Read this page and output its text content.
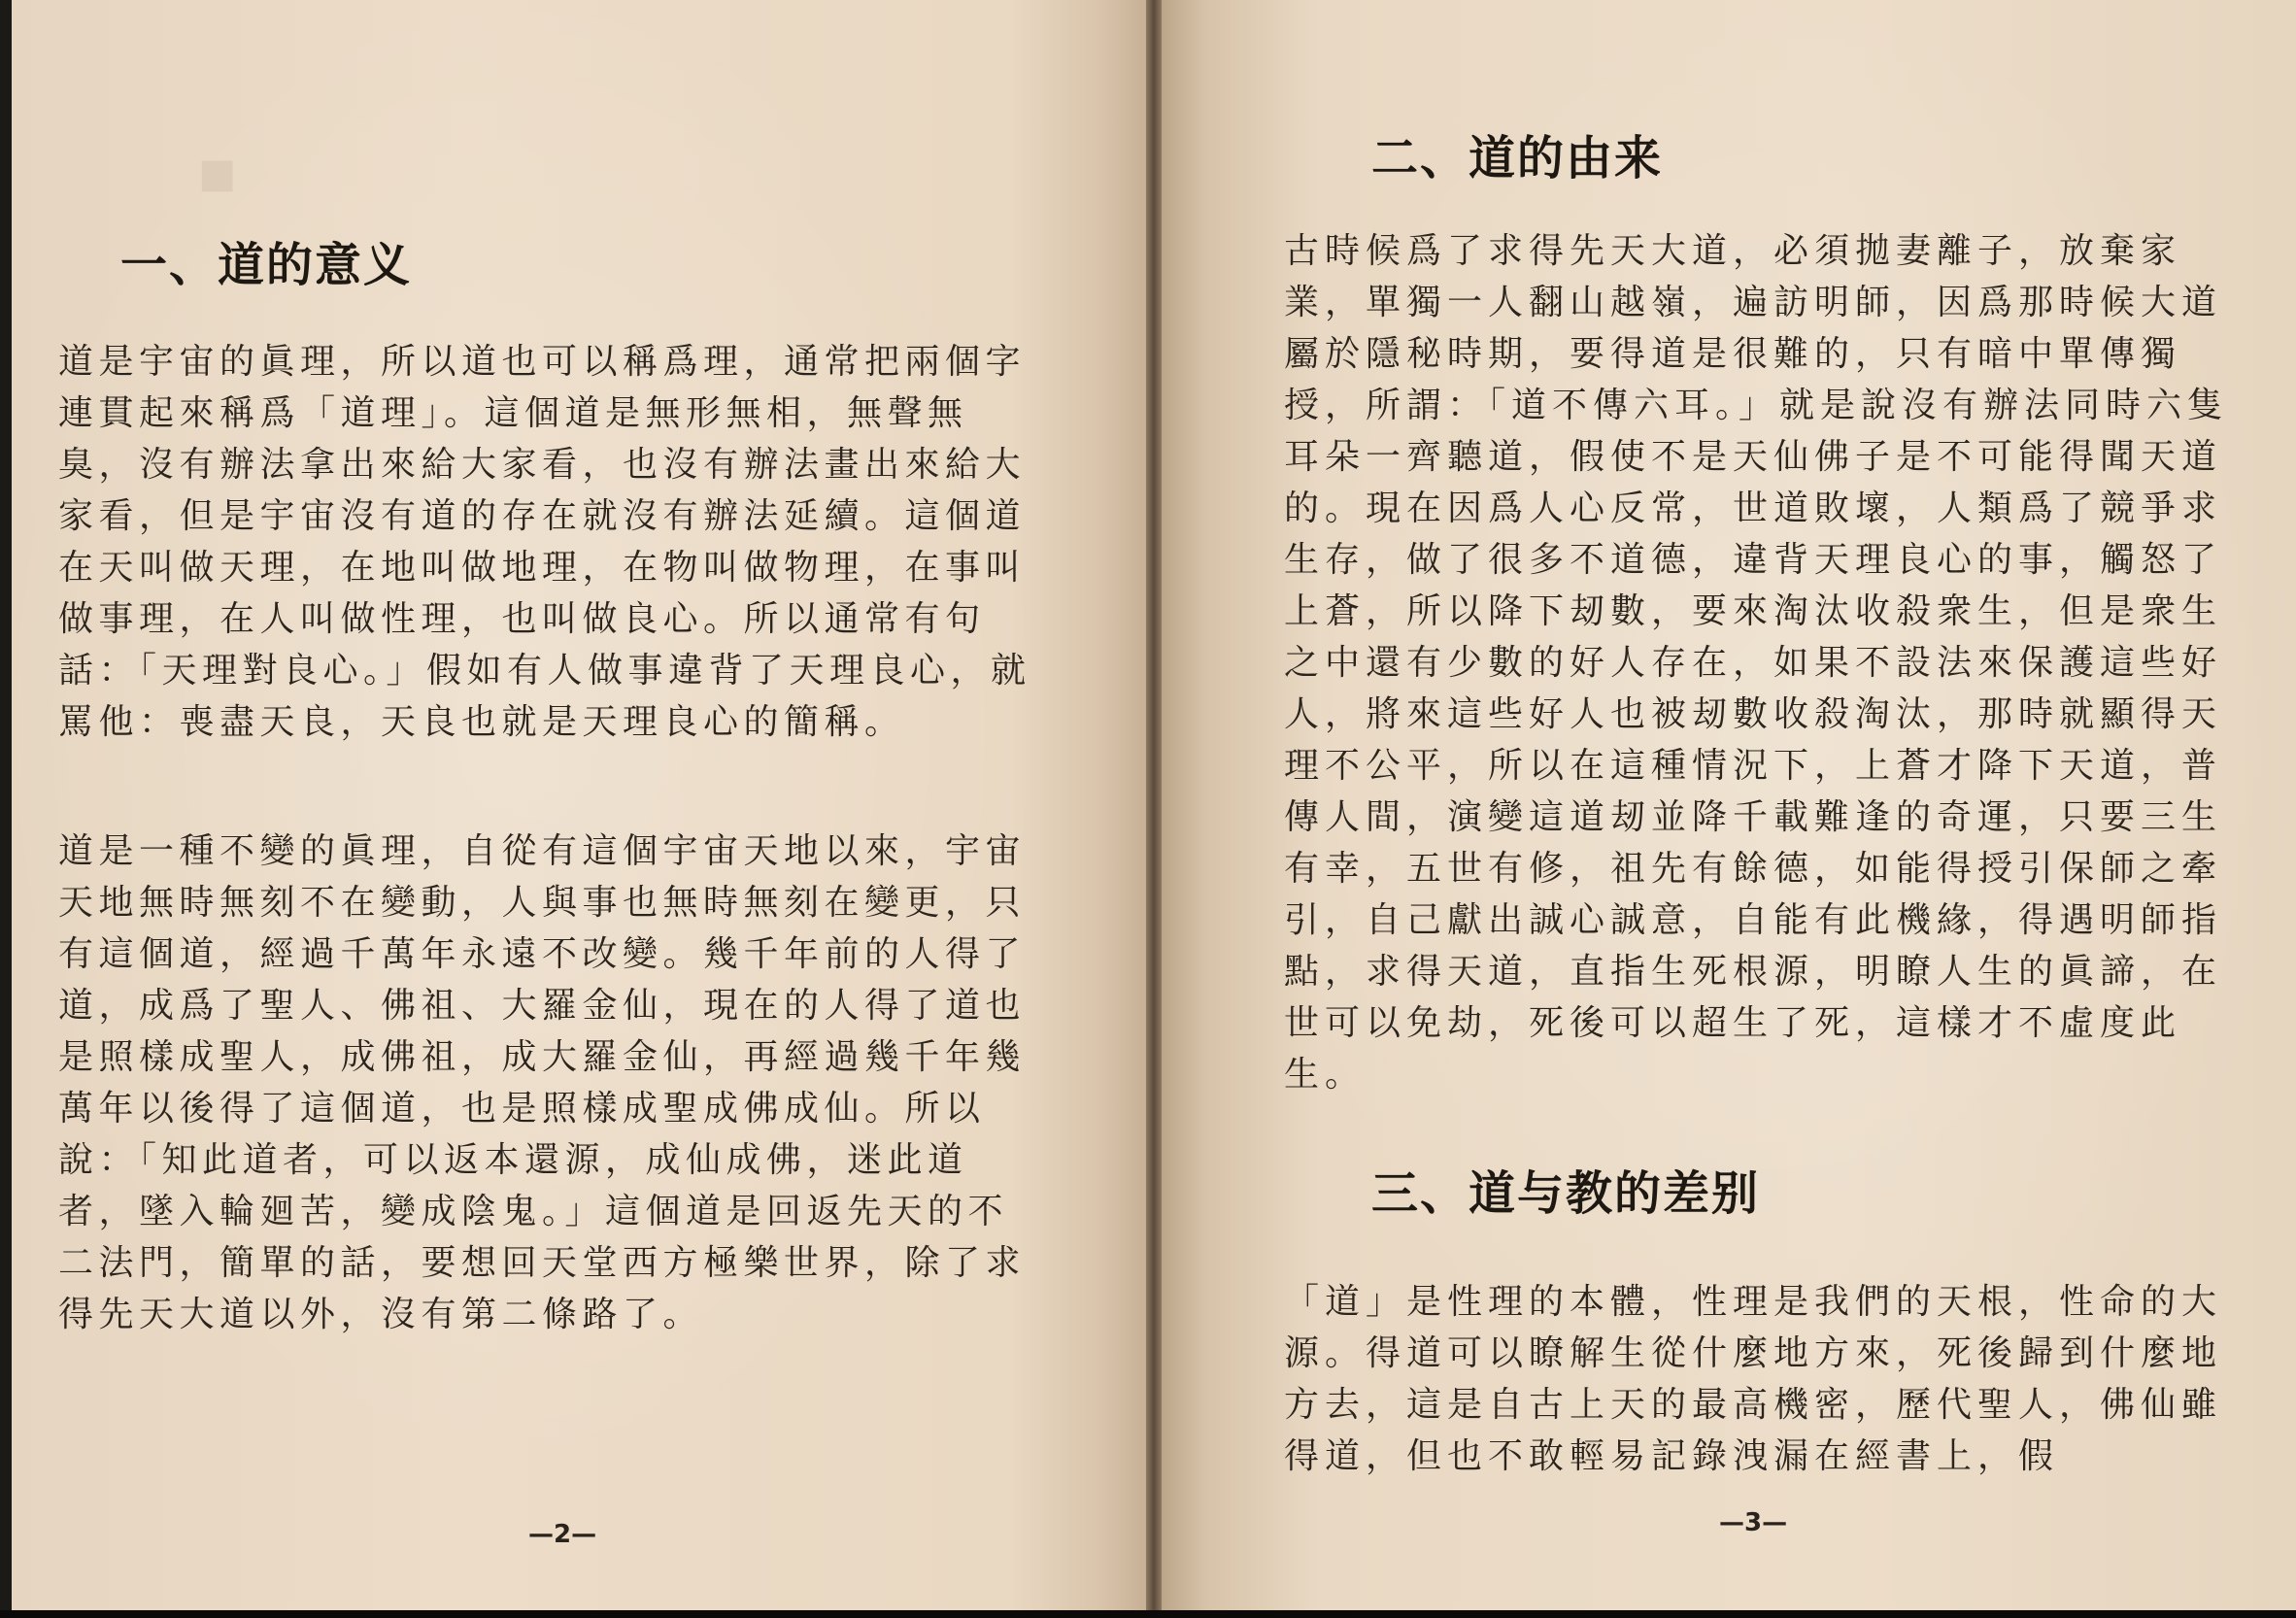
▪
一、道的意义

道是宇宙的眞理，所以道也可以稱爲理，通常把兩個字連貫起來稱爲「道理」。這個道是無形無相，無聲無臭，沒有辦法拿出來給大家看，也沒有辦法畫出來給大家看，但是宇宙沒有道的存在就沒有辦法延續。這個道在天叫做天理，在地叫做地理，在物叫做物理，在事叫做事理，在人叫做性理，也叫做良心。所以通常有句話：「天理對良心。」假如有人做事違背了天理良心，就罵他：喪盡天良，天良也就是天理良心的簡稱。

道是一種不變的眞理，自從有這個宇宙天地以來，宇宙天地無時無刻不在變動，人與事也無時無刻在變更，只有這個道，經過千萬年永遠不改變。幾千年前的人得了道，成爲了聖人、佛祖、大羅金仙，現在的人得了道也是照樣成聖人，成佛祖，成大羅金仙，再經過幾千年幾萬年以後得了這個道，也是照樣成聖成佛成仙。所以說：「知此道者，可以返本還源，成仙成佛，迷此道者，墜入輪廻苦，變成陰鬼。」這個道是回返先天的不二法門，簡單的話，要想回天堂西方極樂世界，除了求得先天大道以外，沒有第二條路了。

—2—
二、道的由来

古時候爲了求得先天大道，必須拋妻離子，放棄家業，單獨一人翻山越嶺，遍訪明師，因爲那時候大道屬於隱秘時期，要得道是很難的，只有暗中單傳獨授，所謂：「道不傳六耳。」就是說沒有辦法同時六隻耳朵一齊聽道，假使不是天仙佛子是不可能得聞天道的。現在因爲人心反常，世道敗壞，人類爲了競爭求生存，做了很多不道德，違背天理良心的事，觸怒了上蒼，所以降下刼數，要來淘汰收殺衆生，但是衆生之中還有少數的好人存在，如果不設法來保護這些好人，將來這些好人也被刼數收殺淘汰，那時就顯得天理不公平，所以在這種情況下，上蒼才降下天道，普傳人間，演變這道刼並降千載難逢的奇運，只要三生有幸，五世有修，祖先有餘德，如能得授引保師之牽引，自己獻出誠心誠意，自能有此機緣，得遇明師指點，求得天道，直指生死根源，明瞭人生的眞諦，在世可以免劫，死後可以超生了死，這樣才不虛度此生。

三、道与教的差别

「道」是性理的本體，性理是我們的天根，性命的大源。得道可以瞭解生從什麼地方來，死後歸到什麼地方去，這是自古上天的最高機密，歷代聖人，佛仙雖得道，但也不敢輕易記錄洩漏在經書上，假

—3—
